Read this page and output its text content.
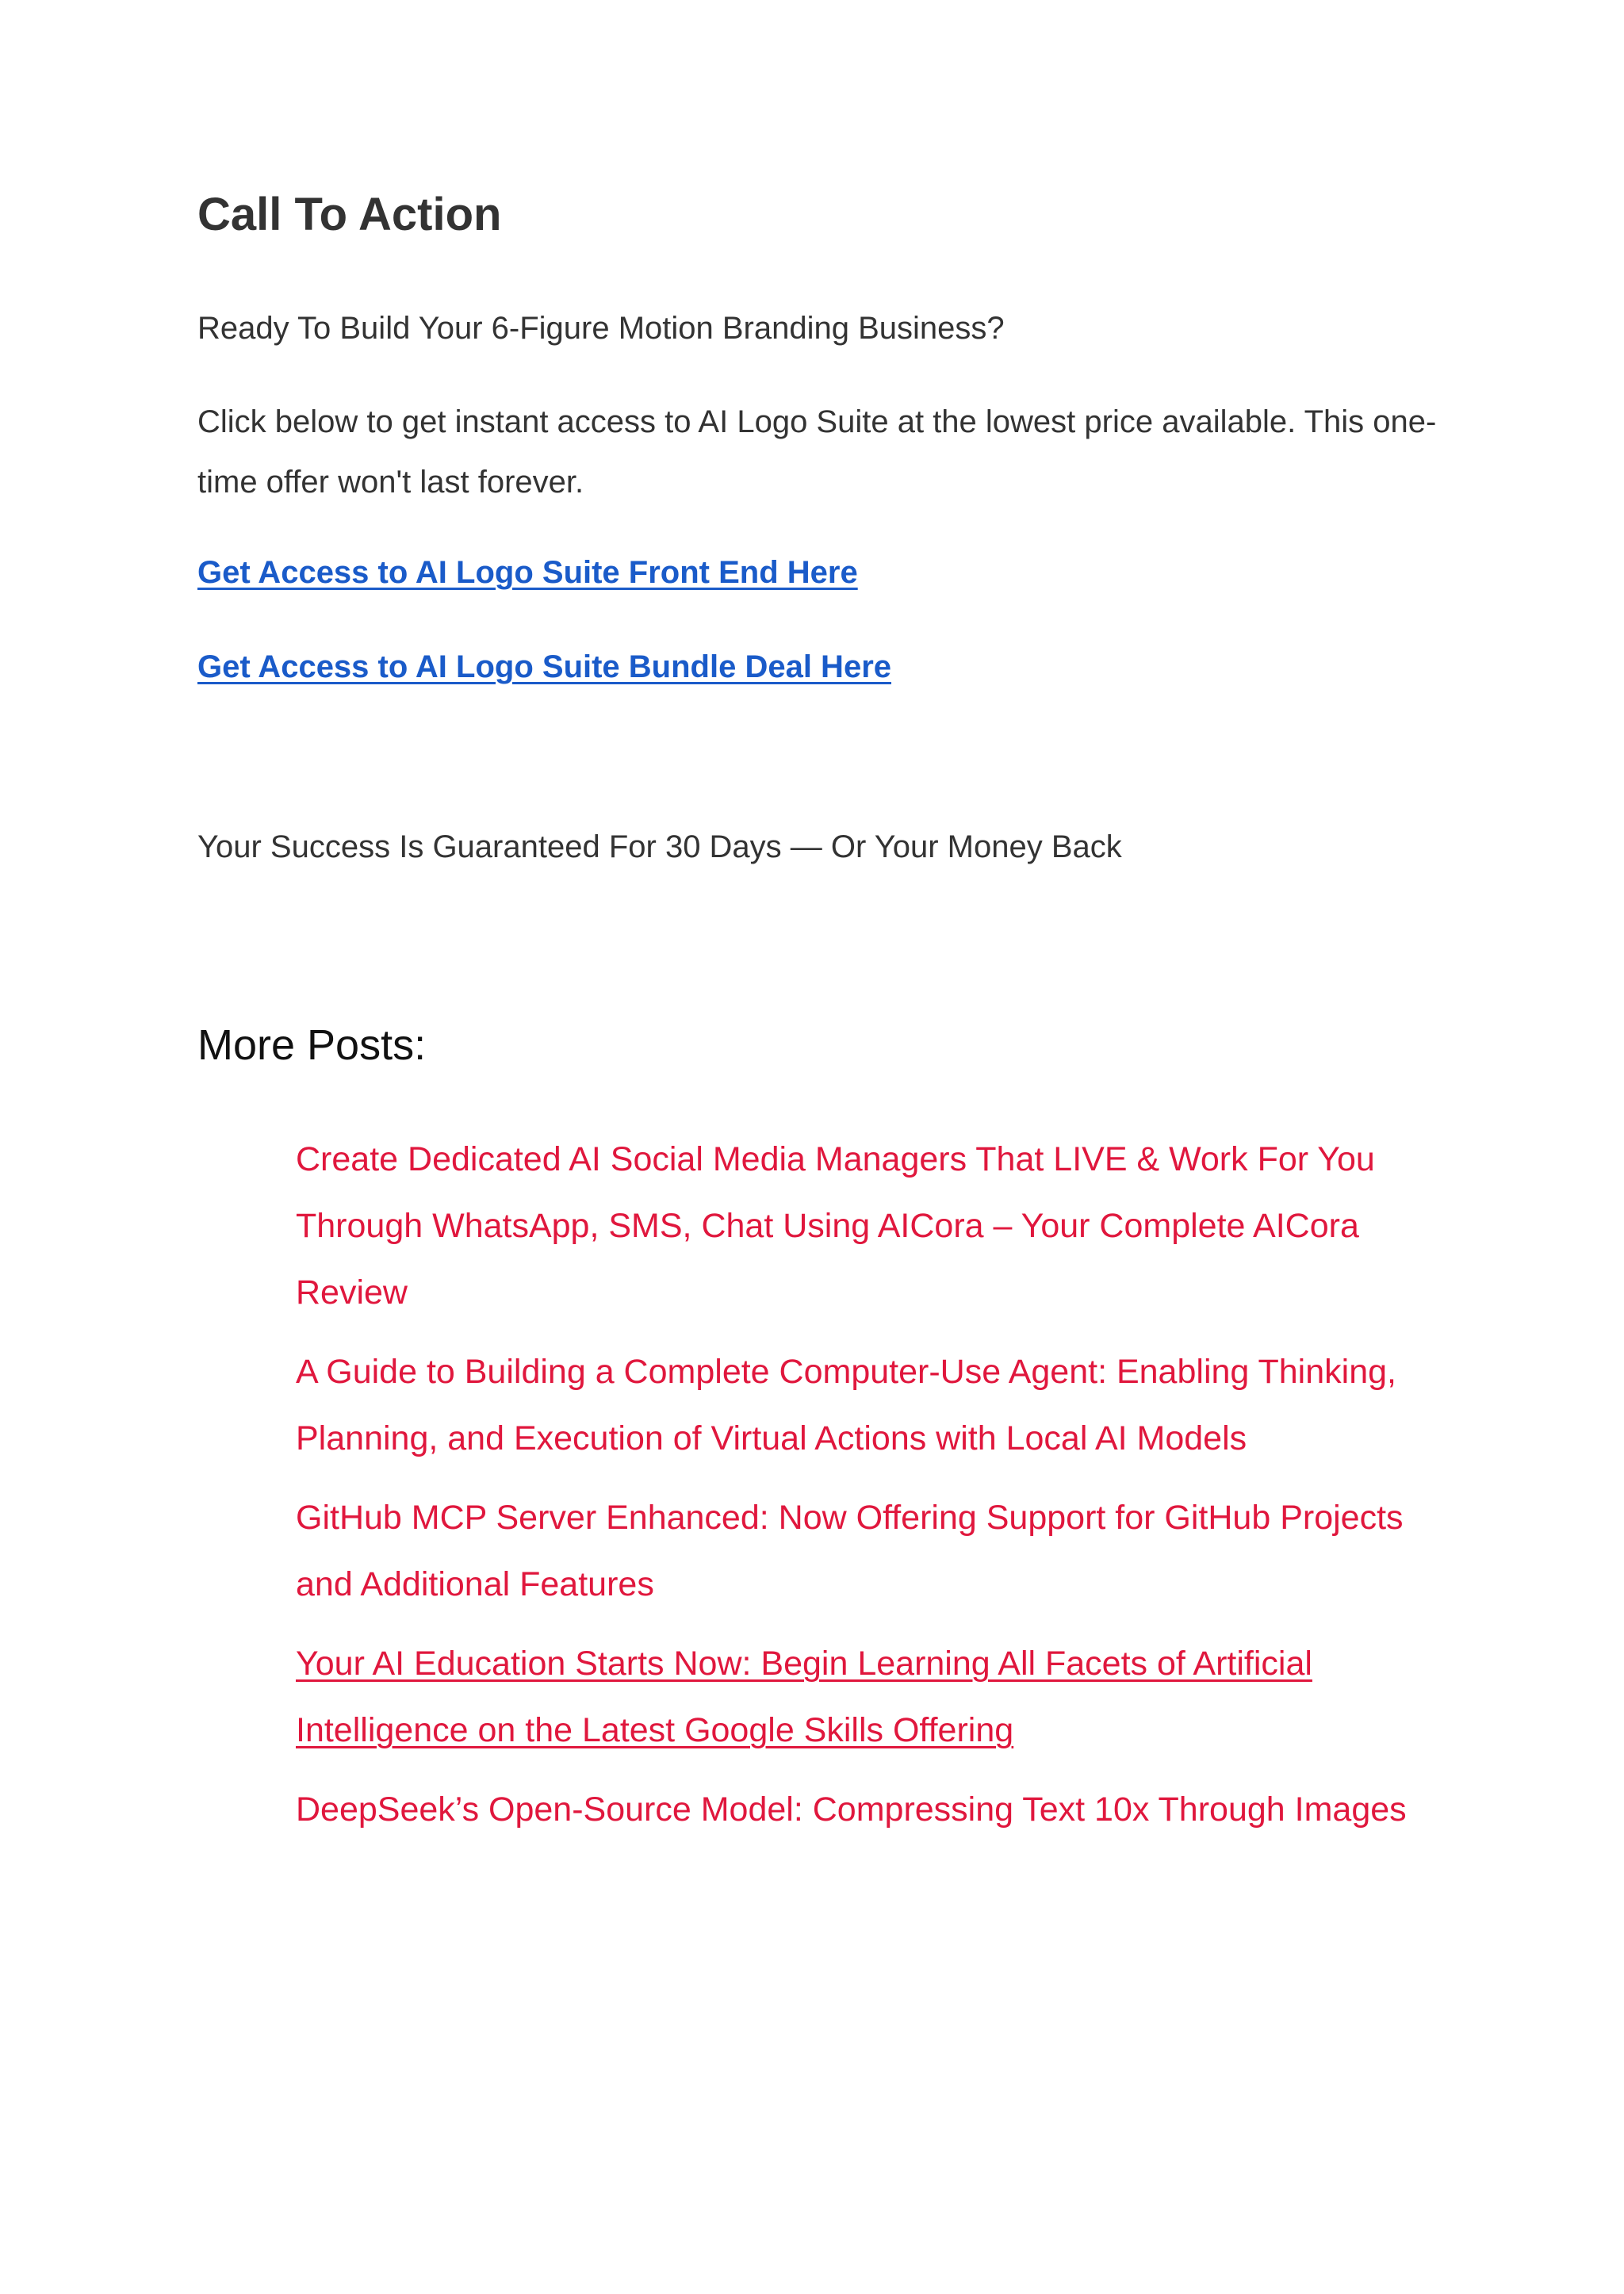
Call To Action

Ready To Build Your 6-Figure Motion Branding Business?

Click below to get instant access to AI Logo Suite at the lowest price available. This one-time offer won't last forever.

Get Access to AI Logo Suite Front End Here
Get Access to AI Logo Suite Bundle Deal Here

Your Success Is Guaranteed For 30 Days — Or Your Money Back

More Posts:
Create Dedicated AI Social Media Managers That LIVE & Work For You Through WhatsApp, SMS, Chat Using AICora – Your Complete AICora Review
A Guide to Building a Complete Computer-Use Agent: Enabling Thinking, Planning, and Execution of Virtual Actions with Local AI Models
GitHub MCP Server Enhanced: Now Offering Support for GitHub Projects and Additional Features
Your AI Education Starts Now: Begin Learning All Facets of Artificial Intelligence on the Latest Google Skills Offering
DeepSeek’s Open-Source Model: Compressing Text 10x Through Images
